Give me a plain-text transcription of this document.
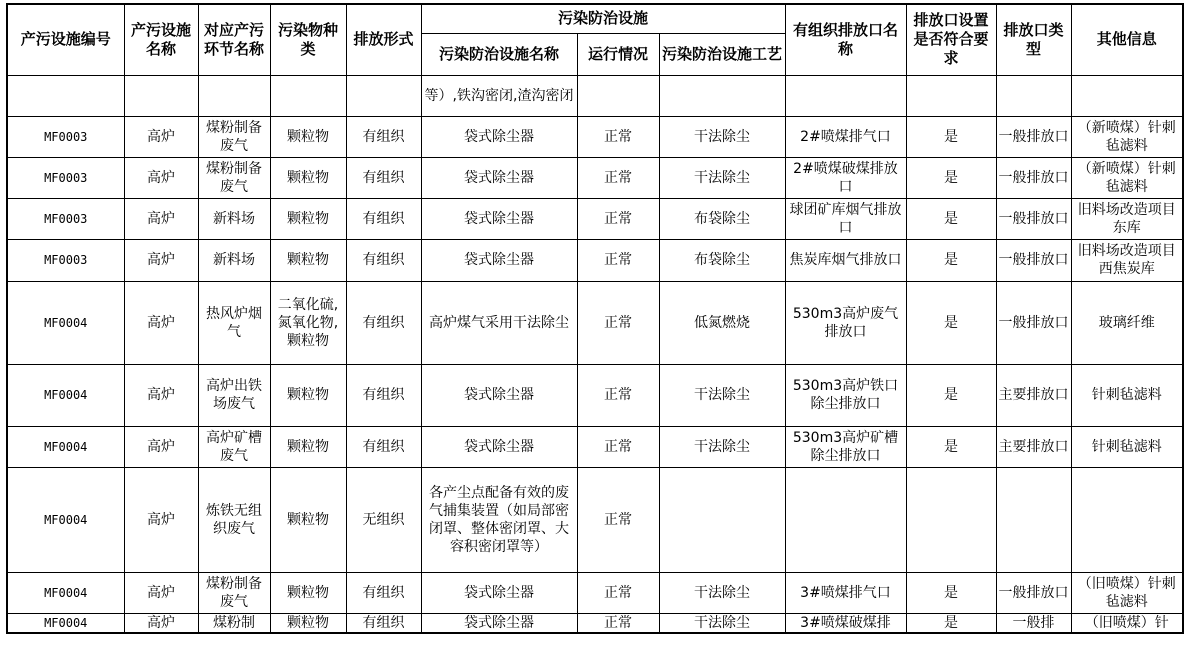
产污设施编号	产污设施名称	对应产污环节名称	污染物种类	排放形式	污染防治设施			有组织排放口名称	排放口设置是否符合要求	排放口类型	其他信息
					污染防治设施名称	运行情况	污染防治设施工艺				
					等）,铁沟密闭,渣沟密闭						
MF0003	高炉	煤粉制备废气	颗粒物	有组织	袋式除尘器	正常	干法除尘	2#喷煤排气口	是	一般排放口	（新喷煤）针刺毡滤料
MF0003	高炉	煤粉制备废气	颗粒物	有组织	袋式除尘器	正常	干法除尘	2#喷煤破煤排放口	是	一般排放口	（新喷煤）针刺毡滤料
MF0003	高炉	新料场	颗粒物	有组织	袋式除尘器	正常	布袋除尘	球团矿库烟气排放口	是	一般排放口	旧料场改造项目东库
MF0003	高炉	新料场	颗粒物	有组织	袋式除尘器	正常	布袋除尘	焦炭库烟气排放口	是	一般排放口	旧料场改造项目西焦炭库
MF0004	高炉	热风炉烟气	二氧化硫,氮氧化物,颗粒物	有组织	高炉煤气采用干法除尘	正常	低氮燃烧	530m3高炉废气排放口	是	一般排放口	玻璃纤维
MF0004	高炉	高炉出铁场废气	颗粒物	有组织	袋式除尘器	正常	干法除尘	530m3高炉铁口除尘排放口	是	主要排放口	针刺毡滤料
MF0004	高炉	高炉矿槽废气	颗粒物	有组织	袋式除尘器	正常	干法除尘	530m3高炉矿槽除尘排放口	是	主要排放口	针刺毡滤料
MF0004	高炉	炼铁无组织废气	颗粒物	无组织	各产尘点配备有效的废气捕集装置（如局部密闭罩、整体密闭罩、大容积密闭罩等）	正常					
MF0004	高炉	煤粉制备废气	颗粒物	有组织	袋式除尘器	正常	干法除尘	3#喷煤排气口	是	一般排放口	（旧喷煤）针刺毡滤料
MF0004	高炉	煤粉制	颗粒物	有组织	袋式除尘器	正常	干法除尘	3#喷煤破煤排	是	一般排	（旧喷煤）针
